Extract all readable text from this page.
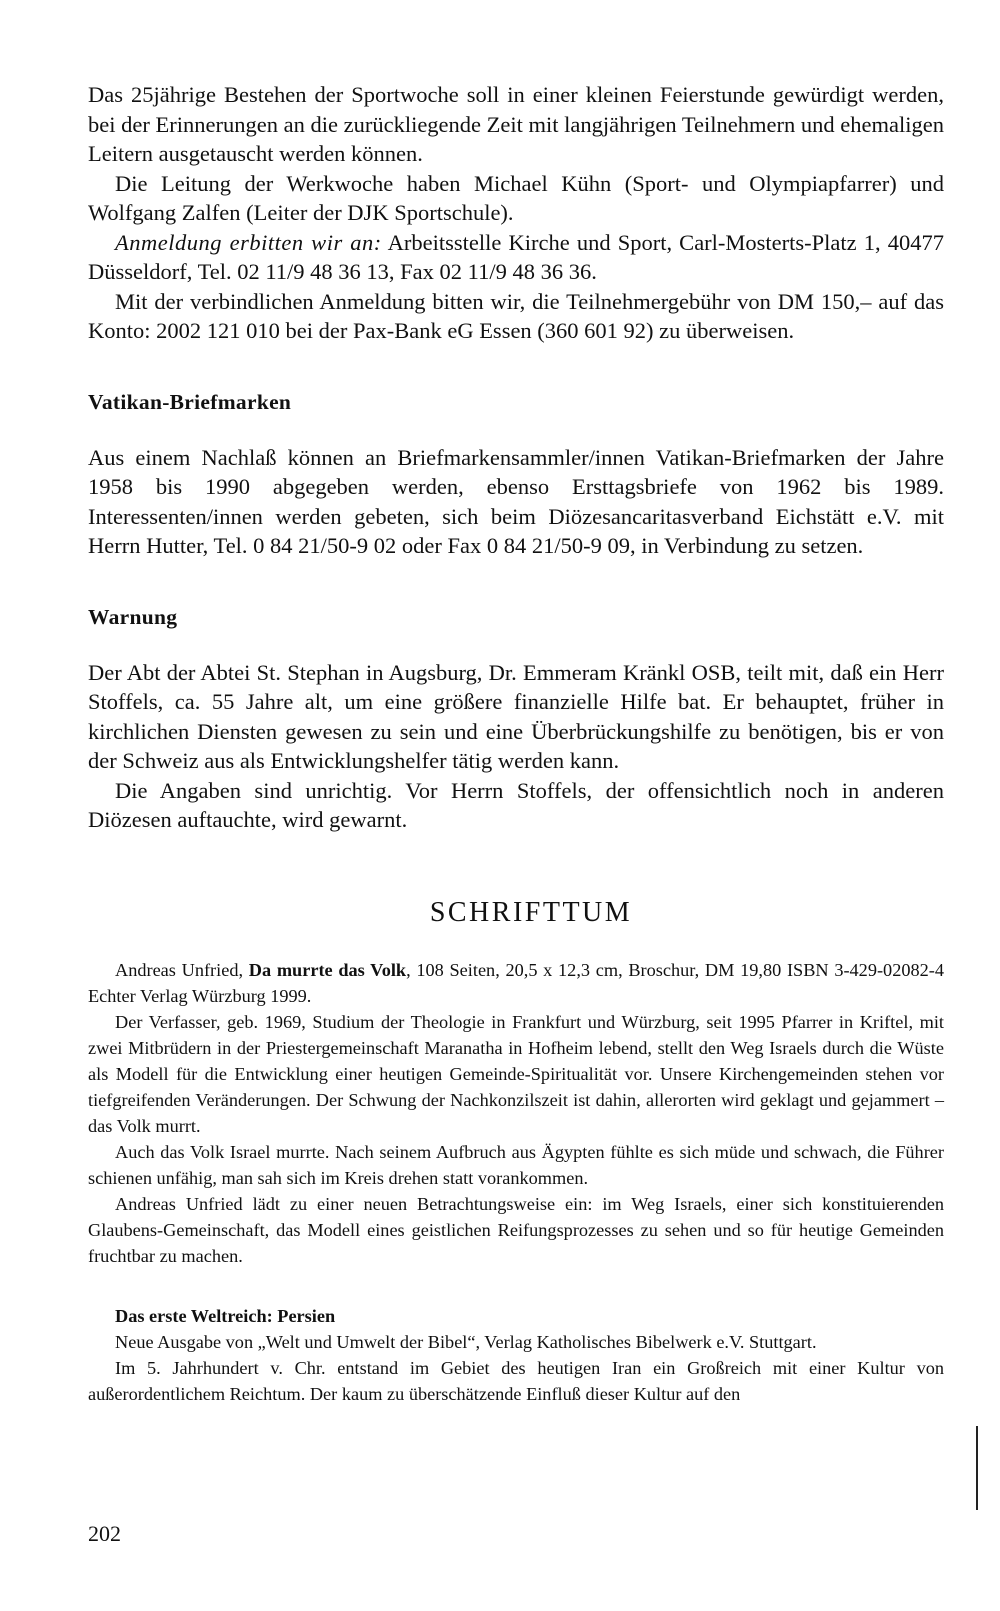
Das 25jährige Bestehen der Sportwoche soll in einer kleinen Feierstunde gewürdigt werden, bei der Erinnerungen an die zurückliegende Zeit mit langjährigen Teilnehmern und ehemaligen Leitern ausgetauscht werden können.

Die Leitung der Werkwoche haben Michael Kühn (Sport- und Olympiapfarrer) und Wolfgang Zalfen (Leiter der DJK Sportschule).

Anmeldung erbitten wir an: Arbeitsstelle Kirche und Sport, Carl-Mosterts-Platz 1, 40477 Düsseldorf, Tel. 02 11/9 48 36 13, Fax 02 11/9 48 36 36.

Mit der verbindlichen Anmeldung bitten wir, die Teilnehmergebühr von DM 150,– auf das Konto: 2002 121 010 bei der Pax-Bank eG Essen (360 601 92) zu überweisen.

Vatikan-Briefmarken

Aus einem Nachlaß können an Briefmarkensammler/innen Vatikan-Briefmarken der Jahre 1958 bis 1990 abgegeben werden, ebenso Ersttagsbriefe von 1962 bis 1989. Interessenten/innen werden gebeten, sich beim Diözesancaritasverband Eichstätt e.V. mit Herrn Hutter, Tel. 0 84 21/50-9 02 oder Fax 0 84 21/50-9 09, in Verbindung zu setzen.

Warnung

Der Abt der Abtei St. Stephan in Augsburg, Dr. Emmeram Kränkl OSB, teilt mit, daß ein Herr Stoffels, ca. 55 Jahre alt, um eine größere finanzielle Hilfe bat. Er behauptet, früher in kirchlichen Diensten gewesen zu sein und eine Überbrückungshilfe zu benötigen, bis er von der Schweiz aus als Entwicklungshelfer tätig werden kann.

Die Angaben sind unrichtig. Vor Herrn Stoffels, der offensichtlich noch in anderen Diözesen auftauchte, wird gewarnt.

SCHRIFTTUM

Andreas Unfried, Da murrte das Volk, 108 Seiten, 20,5 x 12,3 cm, Broschur, DM 19,80 ISBN 3-429-02082-4 Echter Verlag Würzburg 1999.

Der Verfasser, geb. 1969, Studium der Theologie in Frankfurt und Würzburg, seit 1995 Pfarrer in Kriftel, mit zwei Mitbrüdern in der Priestergemeinschaft Maranatha in Hofheim lebend, stellt den Weg Israels durch die Wüste als Modell für die Entwicklung einer heutigen Gemeinde-Spiritualität vor. Unsere Kirchengemeinden stehen vor tiefgreifenden Veränderungen. Der Schwung der Nachkonzilszeit ist dahin, allerorten wird geklagt und gejammert – das Volk murrt.

Auch das Volk Israel murrte. Nach seinem Aufbruch aus Ägypten fühlte es sich müde und schwach, die Führer schienen unfähig, man sah sich im Kreis drehen statt vorankommen.

Andreas Unfried lädt zu einer neuen Betrachtungsweise ein: im Weg Israels, einer sich konstituierenden Glaubens-Gemeinschaft, das Modell eines geistlichen Reifungsprozesses zu sehen und so für heutige Gemeinden fruchtbar zu machen.

Das erste Weltreich: Persien

Neue Ausgabe von „Welt und Umwelt der Bibel“, Verlag Katholisches Bibelwerk e.V. Stuttgart.

Im 5. Jahrhundert v. Chr. entstand im Gebiet des heutigen Iran ein Großreich mit einer Kultur von außerordentlichem Reichtum. Der kaum zu überschätzende Einfluß dieser Kultur auf den

202
